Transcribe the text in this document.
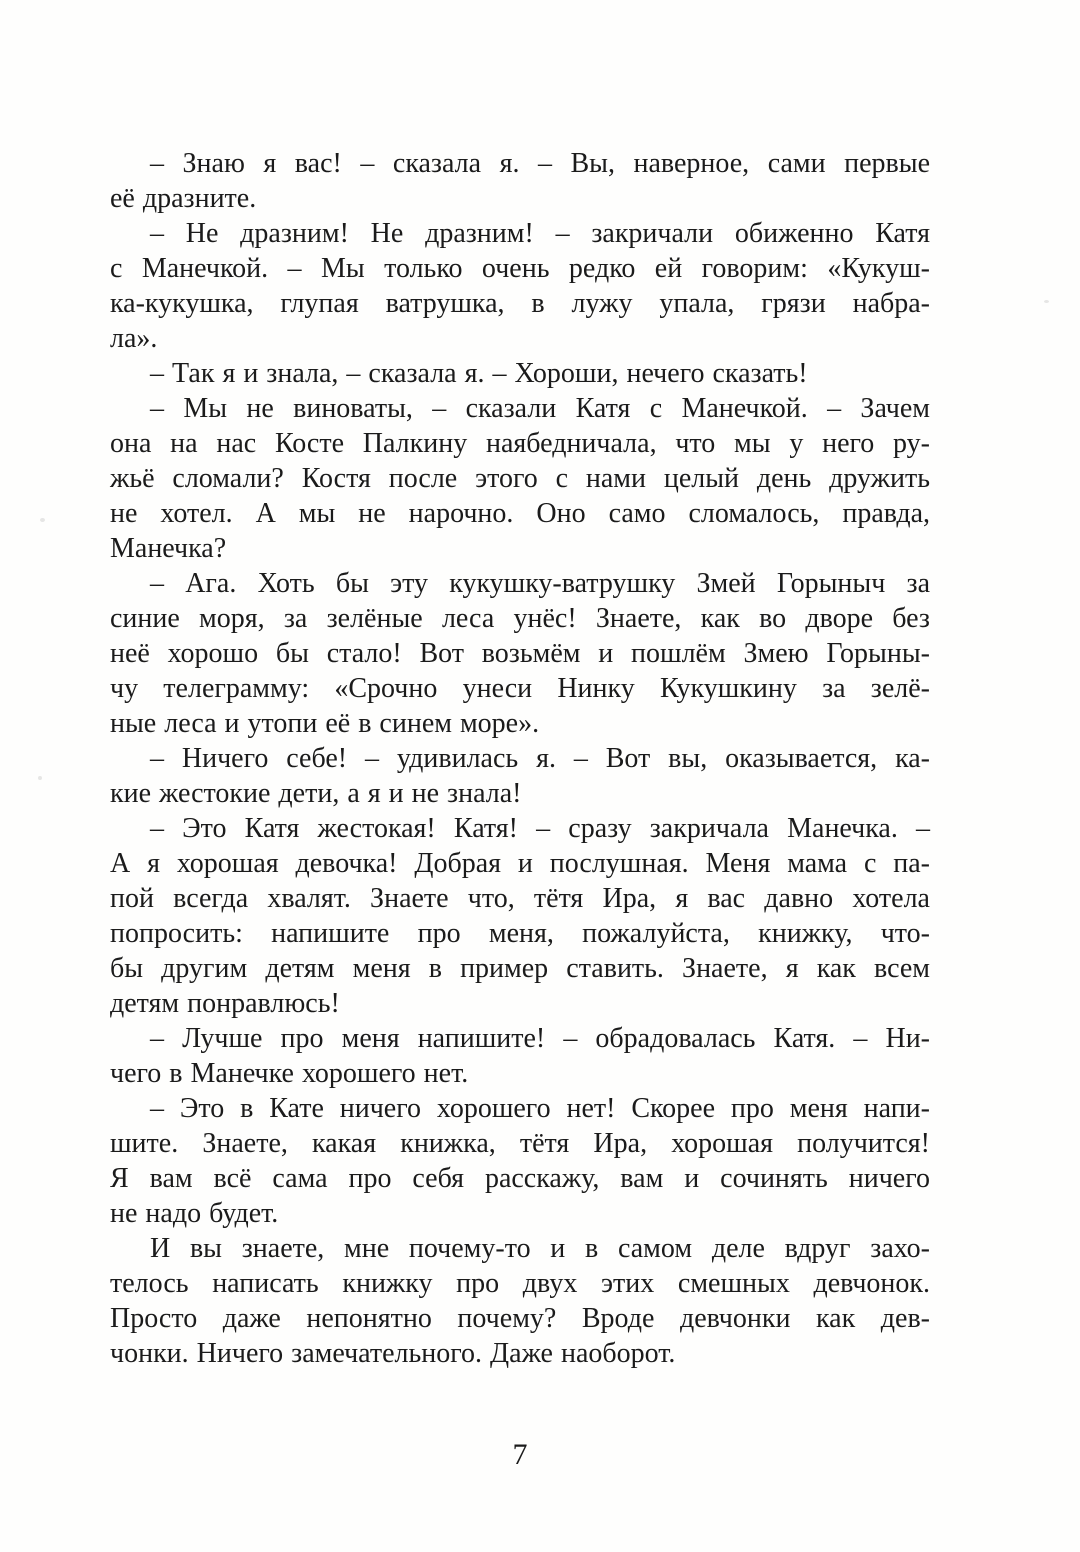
– Знаю я вас! – сказала я. – Вы, наверное, сами первые
её дразните.
– Не дразним! Не дразним! – закричали обиженно Катя
с Манечкой. – Мы только очень редко ей говорим: «Кукуш-
ка-кукушка, глупая ватрушка, в лужу упала, грязи набра-
ла».
– Так я и знала, – сказала я. – Хороши, нечего сказать!
– Мы не виноваты, – сказали Катя с Манечкой. – Зачем
она на нас Косте Палкину наябедничала, что мы у него ру-
жьё сломали? Костя после этого с нами целый день дружить
не хотел. А мы не нарочно. Оно само сломалось, правда,
Манечка?
– Ага. Хоть бы эту кукушку-ватрушку Змей Горыныч за
синие моря, за зелёные леса унёс! Знаете, как во дворе без
неё хорошо бы стало! Вот возьмём и пошлём Змею Горыны-
чу телеграмму: «Срочно унеси Нинку Кукушкину за зелё-
ные леса и утопи её в синем море».
– Ничего себе! – удивилась я. – Вот вы, оказывается, ка-
кие жестокие дети, а я и не знала!
– Это Катя жестокая! Катя! – сразу закричала Манечка. –
А я хорошая девочка! Добрая и послушная. Меня мама с па-
пой всегда хвалят. Знаете что, тётя Ира, я вас давно хотела
попросить: напишите про меня, пожалуйста, книжку, что-
бы другим детям меня в пример ставить. Знаете, я как всем
детям понравлюсь!
– Лучше про меня напишите! – обрадовалась Катя. – Ни-
чего в Манечке хорошего нет.
– Это в Кате ничего хорошего нет! Скорее про меня напи-
шите. Знаете, какая книжка, тётя Ира, хорошая получится!
Я вам всё сама про себя расскажу, вам и сочинять ничего
не надо будет.
И вы знаете, мне почему-то и в самом деле вдруг захо-
телось написать книжку про двух этих смешных девчонок.
Просто даже непонятно почему? Вроде девчонки как дев-
чонки. Ничего замечательного. Даже наоборот.
7
